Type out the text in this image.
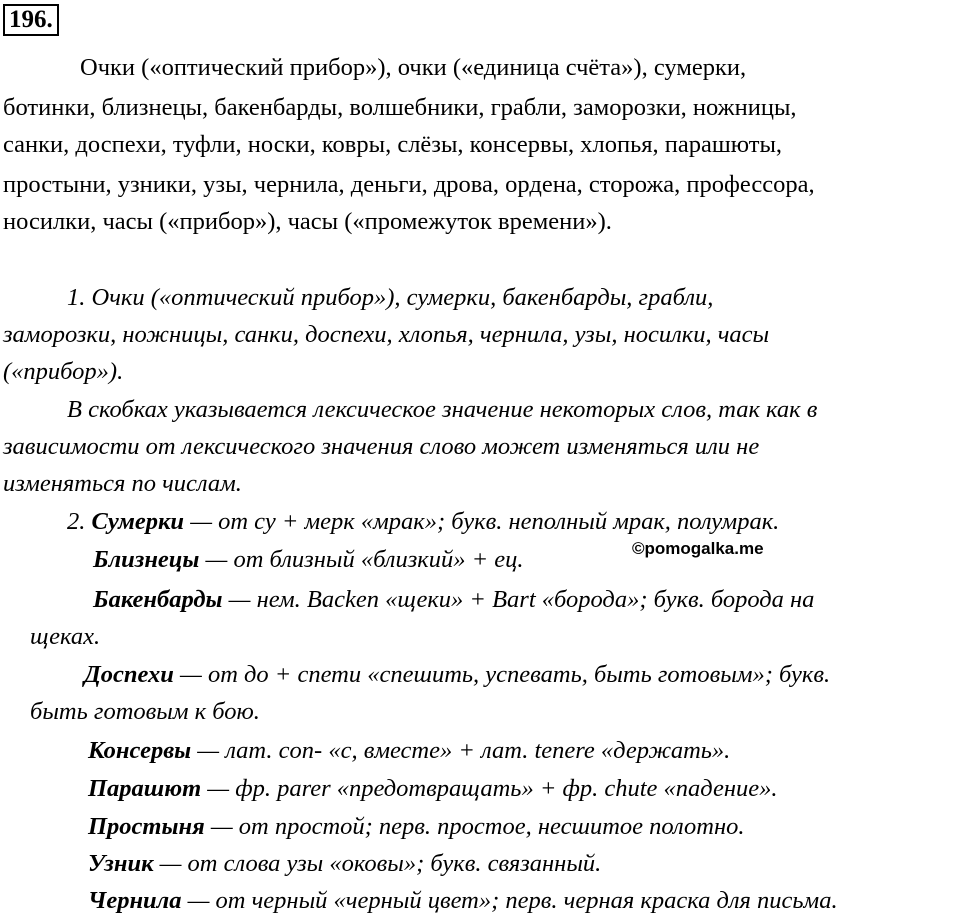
196.
Очки («оптический прибор»), очки («единица счёта»), сумерки,
ботинки, близнецы, бакенбарды, волшебники, грабли, заморозки, ножницы,
санки, доспехи, туфли, носки, ковры, слёзы, консервы, хлопья, парашюты,
простыни, узники, узы, чернила, деньги, дрова, ордена, сторожа, профессора,
носилки, часы («прибор»), часы («промежуток времени»).
1. Очки («оптический прибор»), сумерки, бакенбарды, грабли,
заморозки, ножницы, санки, доспехи, хлопья, чернила, узы, носилки, часы
(«прибор»).
В скобках указывается лексическое значение некоторых слов, так как в
зависимости от лексического значения слово может изменяться или не
изменяться по числам.
2. Сумерки — от су + мерк «мрак»; букв. неполный мрак, полумрак.
Близнецы — от близный «близкий» + ец.	©pomogalka.me
Бакенбарды — нем. Backen «щеки» + Bart «борода»; букв. борода на
щеках.
Доспехи — от до + спети «спешить, успевать, быть готовым»; букв.
быть готовым к бою.
Консервы — лат. con- «с, вместе» + лат. tenere «держать».
Парашют — фр. parer «предотвращать» + фр. chute «падение».
Простыня — от простой; перв. простое, несшитое полотно.
Узник — от слова узы «оковы»; букв. связанный.
Чернила — от черный «черный цвет»; перв. черная краска для письма.
